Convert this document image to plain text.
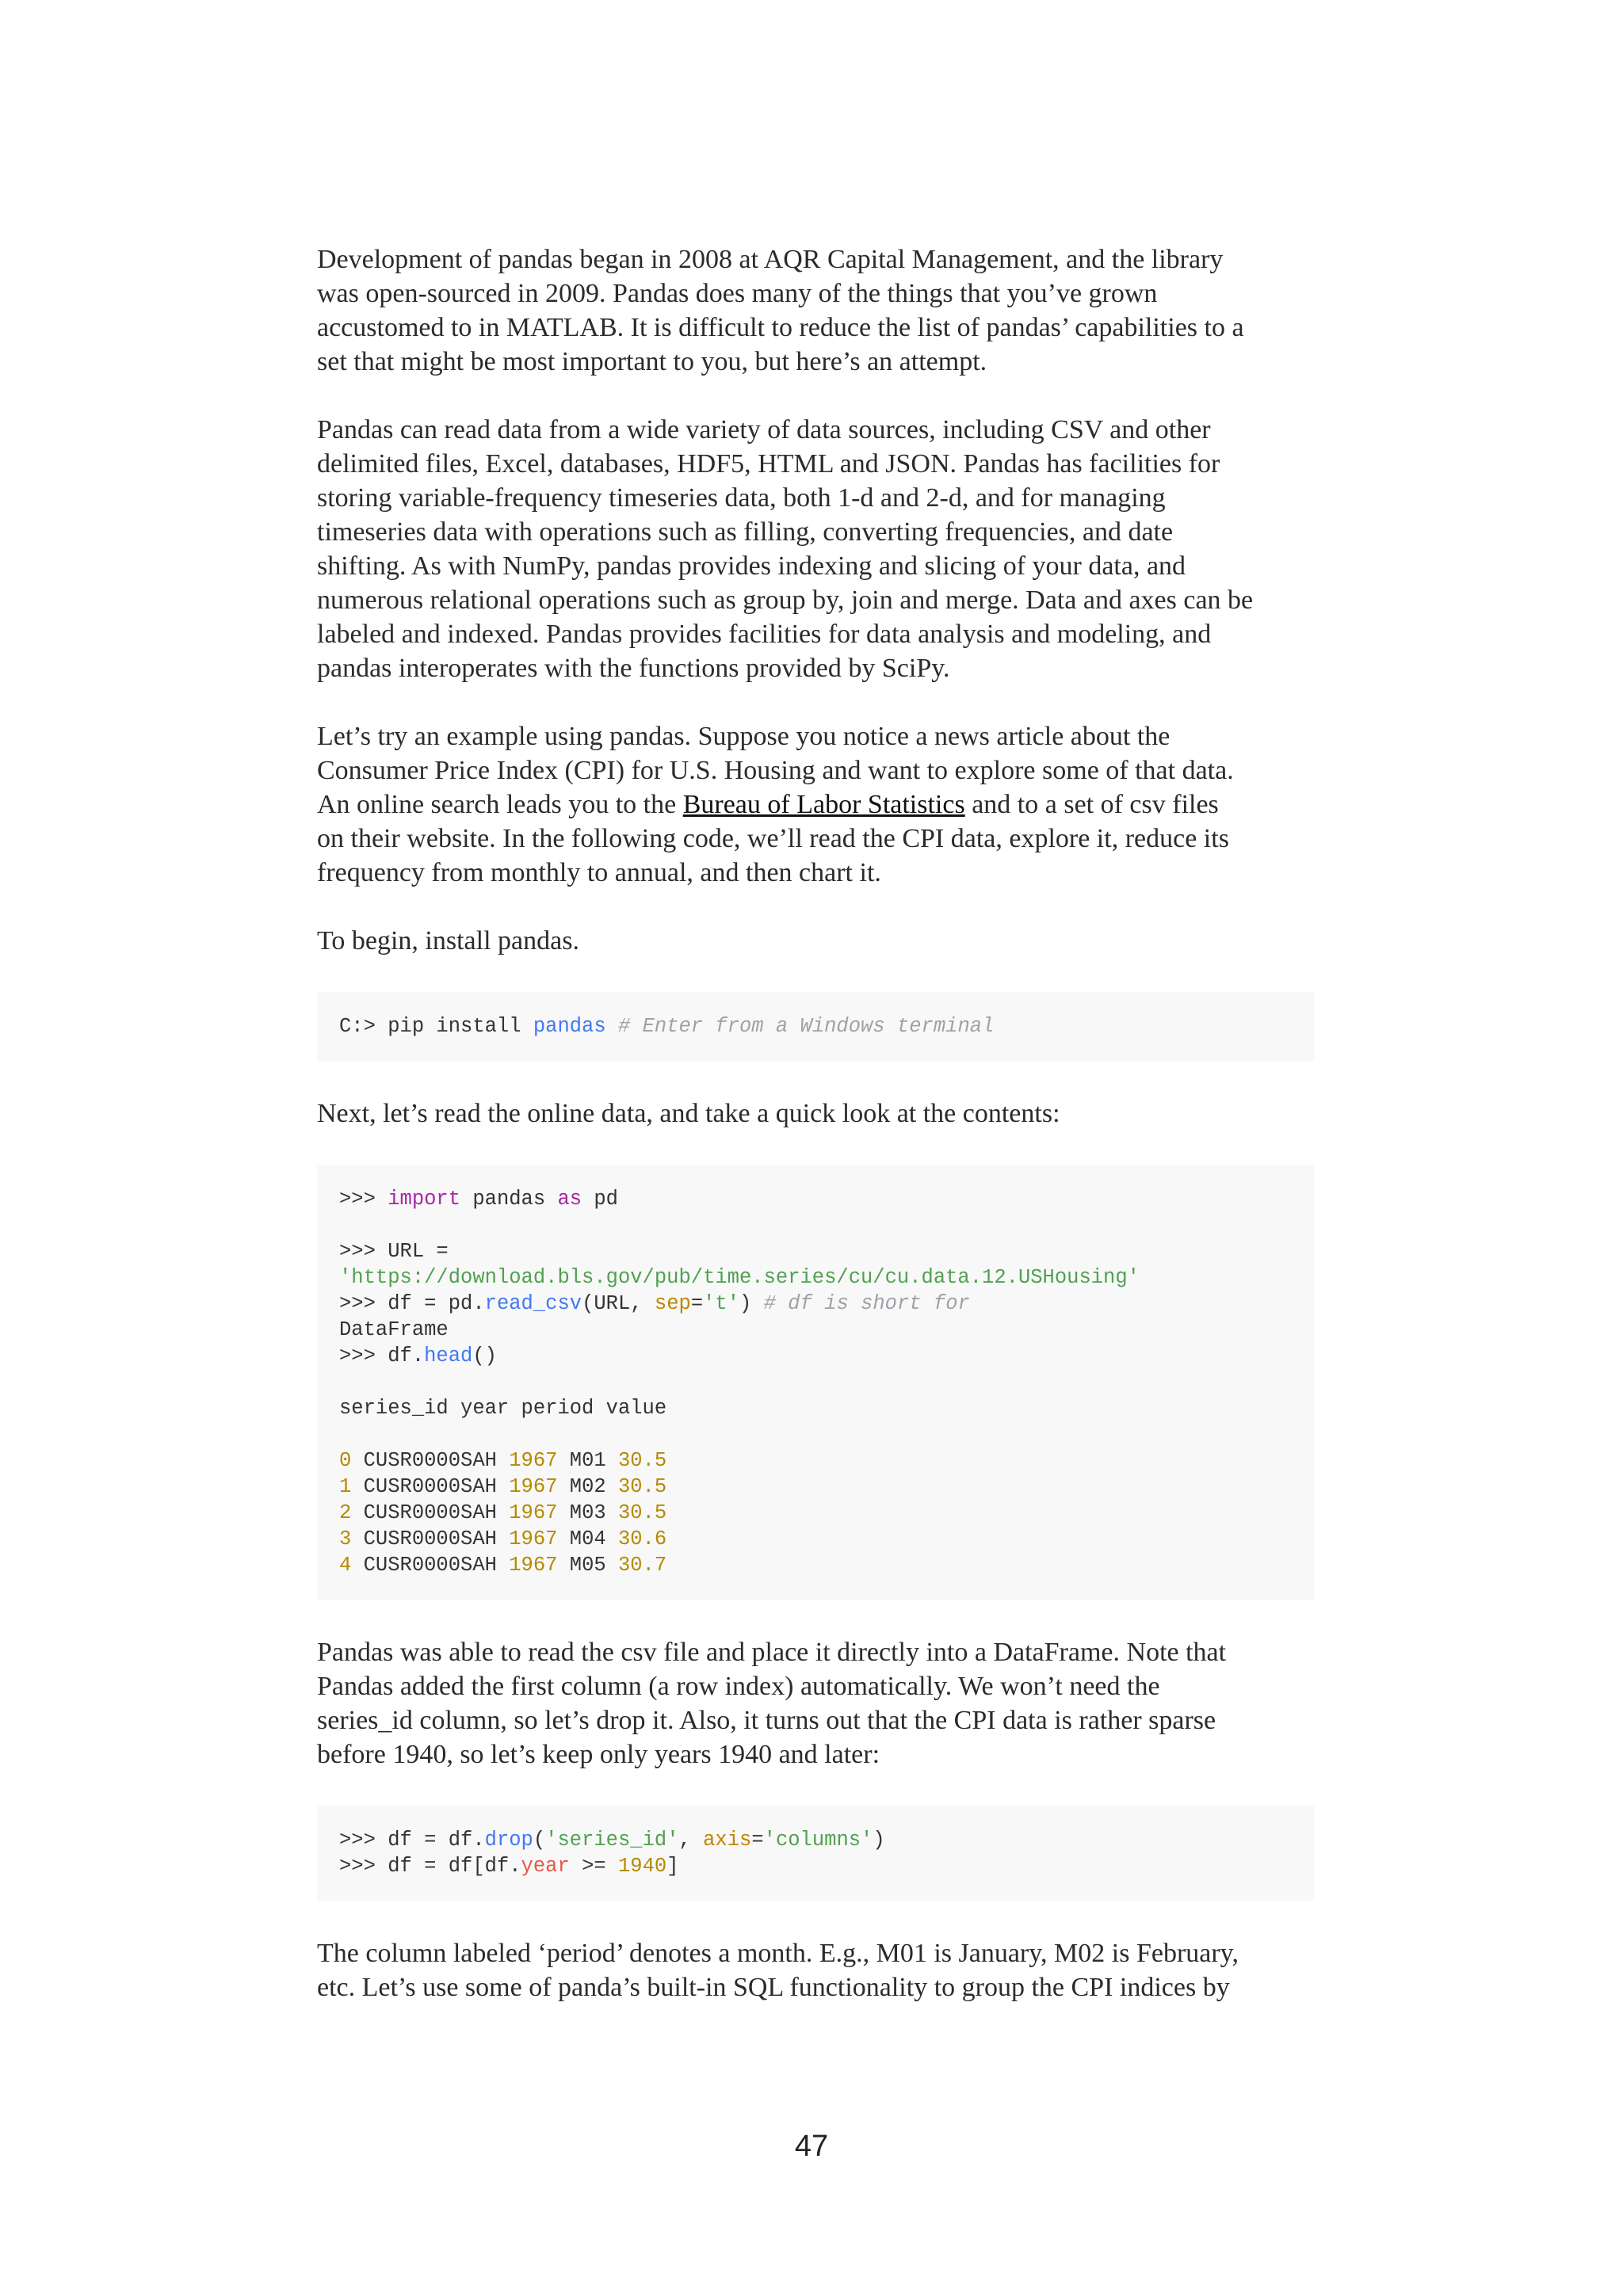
Development of pandas began in 2008 at AQR Capital Management, and the library
was open-sourced in 2009. Pandas does many of the things that you’ve grown
accustomed to in MATLAB. It is difficult to reduce the list of pandas’ capabilities to a
set that might be most important to you, but here’s an attempt.

Pandas can read data from a wide variety of data sources, including CSV and other
delimited files, Excel, databases, HDF5, HTML and JSON. Pandas has facilities for
storing variable-frequency timeseries data, both 1-d and 2-d, and for managing
timeseries data with operations such as filling, converting frequencies, and date
shifting. As with NumPy, pandas provides indexing and slicing of your data, and
numerous relational operations such as group by, join and merge. Data and axes can be
labeled and indexed. Pandas provides facilities for data analysis and modeling, and
pandas interoperates with the functions provided by SciPy.

Let’s try an example using pandas. Suppose you notice a news article about the
Consumer Price Index (CPI) for U.S. Housing and want to explore some of that data.
An online search leads you to the Bureau of Labor Statistics and to a set of csv files
on their website. In the following code, we’ll read the CPI data, explore it, reduce its
frequency from monthly to annual, and then chart it.

To begin, install pandas.

C:> pip install pandas # Enter from a Windows terminal

Next, let’s read the online data, and take a quick look at the contents:

>>> import pandas as pd
>>> URL =
'https://download.bls.gov/pub/time.series/cu/cu.data.12.USHousing'
>>> df = pd.read_csv(URL, sep='t') # df is short for
DataFrame
>>> df.head()
series_id year period value
0 CUSR0000SAH 1967 M01 30.5
1 CUSR0000SAH 1967 M02 30.5
2 CUSR0000SAH 1967 M03 30.5
3 CUSR0000SAH 1967 M04 30.6
4 CUSR0000SAH 1967 M05 30.7

Pandas was able to read the csv file and place it directly into a DataFrame. Note that
Pandas added the first column (a row index) automatically. We won’t need the
series_id column, so let’s drop it. Also, it turns out that the CPI data is rather sparse
before 1940, so let’s keep only years 1940 and later:

>>> df = df.drop('series_id', axis='columns')
>>> df = df[df.year >= 1940]

The column labeled ‘period’ denotes a month. E.g., M01 is January, M02 is February,
etc. Let’s use some of panda’s built-in SQL functionality to group the CPI indices by

47
